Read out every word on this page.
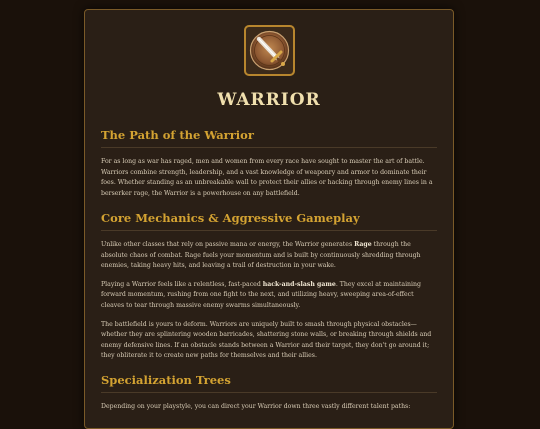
WARRIOR
The Path of the Warrior

For as long as war has raged, men and women from every race have sought to master the art of battle. Warriors combine strength, leadership, and a vast knowledge of weaponry and armor to dominate their foes. Whether standing as an unbreakable wall to protect their allies or hacking through enemy lines in a berserker rage, the Warrior is a powerhouse on any battlefield.

Core Mechanics & Aggressive Gameplay

Unlike other classes that rely on passive mana or energy, the Warrior generates Rage through the absolute chaos of combat. Rage fuels your momentum and is built by continuously shredding through enemies, taking heavy hits, and leaving a trail of destruction in your wake.

Playing a Warrior feels like a relentless, fast-paced hack-and-slash game. They excel at maintaining forward momentum, rushing from one fight to the next, and utilizing heavy, sweeping area-of-effect cleaves to tear through massive enemy swarms simultaneously.

The battlefield is yours to deform. Warriors are uniquely built to smash through physical obstacles—whether they are splintering wooden barricades, shattering stone walls, or breaking through shields and enemy defensive lines. If an obstacle stands between a Warrior and their target, they don't go around it; they obliterate it to create new paths for themselves and their allies.

Specialization Trees

Depending on your playstyle, you can direct your Warrior down three vastly different talent paths:
